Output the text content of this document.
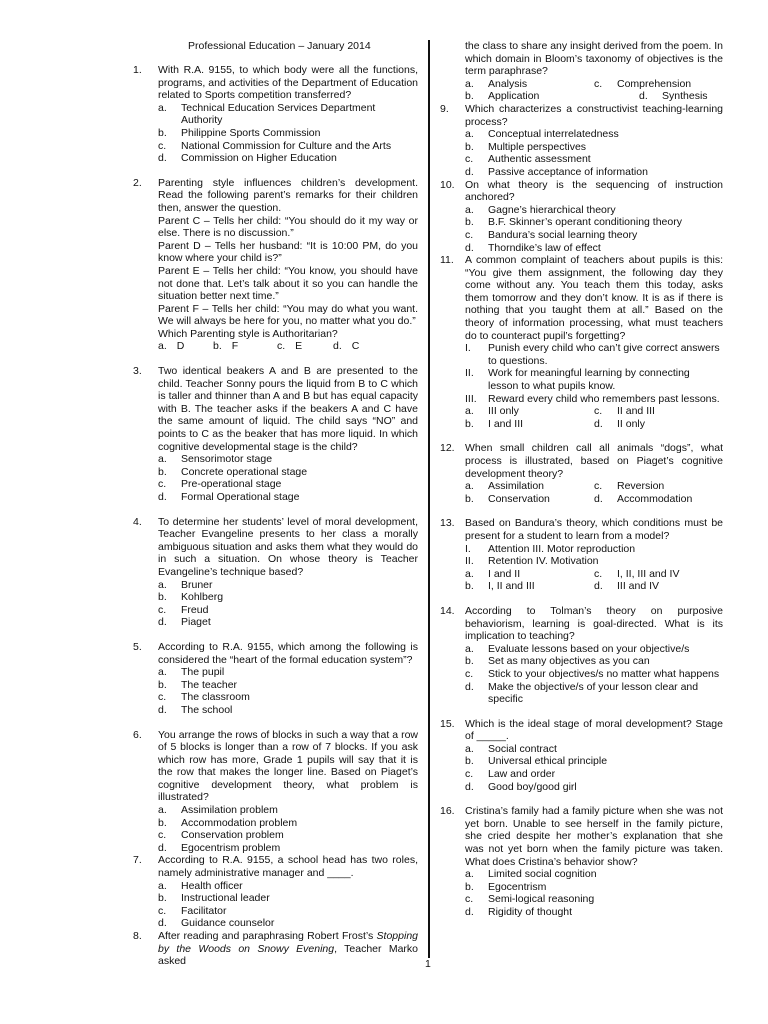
Professional Education – January 2014
1.	With R.A. 9155, to which body were all the functions, programs, and activities of the Department of Education related to Sports competition transferred?
a.	Technical Education Services Department Authority
b.	Philippine Sports Commission
c.	National Commission for Culture and the Arts
d.	Commission on Higher Education
2.	Parenting style influences children’s development. Read the following parent’s remarks for their children then, answer the question.
Parent C – Tells her child: “You should do it my way or else. There is no discussion.”
Parent D – Tells her husband: “It is 10:00 PM, do you know where your child is?”
Parent E – Tells her child: “You know, you should have not done that. Let’s talk about it so you can handle the situation better next time.”
Parent F – Tells her child: “You may do what you want. We will always be here for you, no matter what you do.”
Which Parenting style is Authoritarian?
a. D	b. F	c. E	d. C
3.	Two identical beakers A and B are presented to the child. Teacher Sonny pours the liquid from B to C which is taller and thinner than A and B but has equal capacity with B. The teacher asks if the beakers A and C have the same amount of liquid. The child says “NO” and points to C as the beaker that has more liquid. In which cognitive developmental stage is the child?
a.	Sensorimotor stage
b.	Concrete operational stage
c.	Pre-operational stage
d.	Formal Operational stage
4.	To determine her students’ level of moral development, Teacher Evangeline presents to her class a morally ambiguous situation and asks them what they would do in such a situation. On whose theory is Teacher Evangeline’s technique based?
a.	Bruner
b.	Kohlberg
c.	Freud
d.	Piaget
5.	According to R.A. 9155, which among the following is considered the “heart of the formal education system”?
a.	The pupil
b.	The teacher
c.	The classroom
d.	The school
6.	You arrange the rows of blocks in such a way that a row of 5 blocks is longer than a row of 7 blocks. If you ask which row has more, Grade 1 pupils will say that it is the row that makes the longer line. Based on Piaget’s cognitive development theory, what problem is illustrated?
a.	Assimilation problem
b.	Accommodation problem
c.	Conservation problem
d.	Egocentrism problem
7.	According to R.A. 9155, a school head has two roles, namely administrative manager and ____.
a.	Health officer
b.	Instructional leader
c.	Facilitator
d.	Guidance counselor
8.	After reading and paraphrasing Robert Frost’s Stopping by the Woods on Snowy Evening, Teacher Marko asked
the class to share any insight derived from the poem. In which domain in Bloom’s taxonomy of objectives is the term paraphrase?
a.	Analysis	c.	Comprehension
b.	Application	d.	Synthesis
9.	Which characterizes a constructivist teaching-learning process?
a.	Conceptual interrelatedness
b.	Multiple perspectives
c.	Authentic assessment
d.	Passive acceptance of information
10. On what theory is the sequencing of instruction anchored?
a.	Gagne’s hierarchical theory
b.	B.F. Skinner’s operant conditioning theory
c.	Bandura’s social learning theory
d.	Thorndike’s law of effect
11.	A common complaint of teachers about pupils is this: “You give them assignment, the following day they come without any. You teach them this today, asks them tomorrow and they don’t know. It is as if there is nothing that you taught them at all.” Based on the theory of information processing, what must teachers do to counteract pupil’s forgetting?
I.	Punish every child who can’t give correct answers to questions.
II.	Work for meaningful learning by connecting lesson to what pupils know.
III.	Reward every child who remembers past lessons.
a.	III only	c.	II and III
b.	I and III	d.	II only
12. When small children call all animals “dogs”, what process is illustrated, based on Piaget’s cognitive development theory?
a.	Assimilation	c.	Reversion
b.	Conservation	d.	Accommodation
13. Based on Bandura’s theory, which conditions must be present for a student to learn from a model?
I.	Attention III. Motor reproduction
II.	Retention IV. Motivation
a.	I and II	c.	I, II, III and IV
b.	I, II and III	d.	III and IV
14. According to Tolman’s theory on purposive behaviorism, learning is goal-directed. What is its implication to teaching?
a.	Evaluate lessons based on your objective/s
b.	Set as many objectives as you can
c.	Stick to your objectives/s no matter what happens
d.	Make the objective/s of your lesson clear and specific
15. Which is the ideal stage of moral development? Stage of _____.
a.	Social contract
b.	Universal ethical principle
c.	Law and order
d.	Good boy/good girl
16. Cristina’s family had a family picture when she was not yet born. Unable to see herself in the family picture, she cried despite her mother’s explanation that she was not yet born when the family picture was taken. What does Cristina’s behavior show?
a.	Limited social cognition
b.	Egocentrism
c.	Semi-logical reasoning
d.	Rigidity of thought
1
